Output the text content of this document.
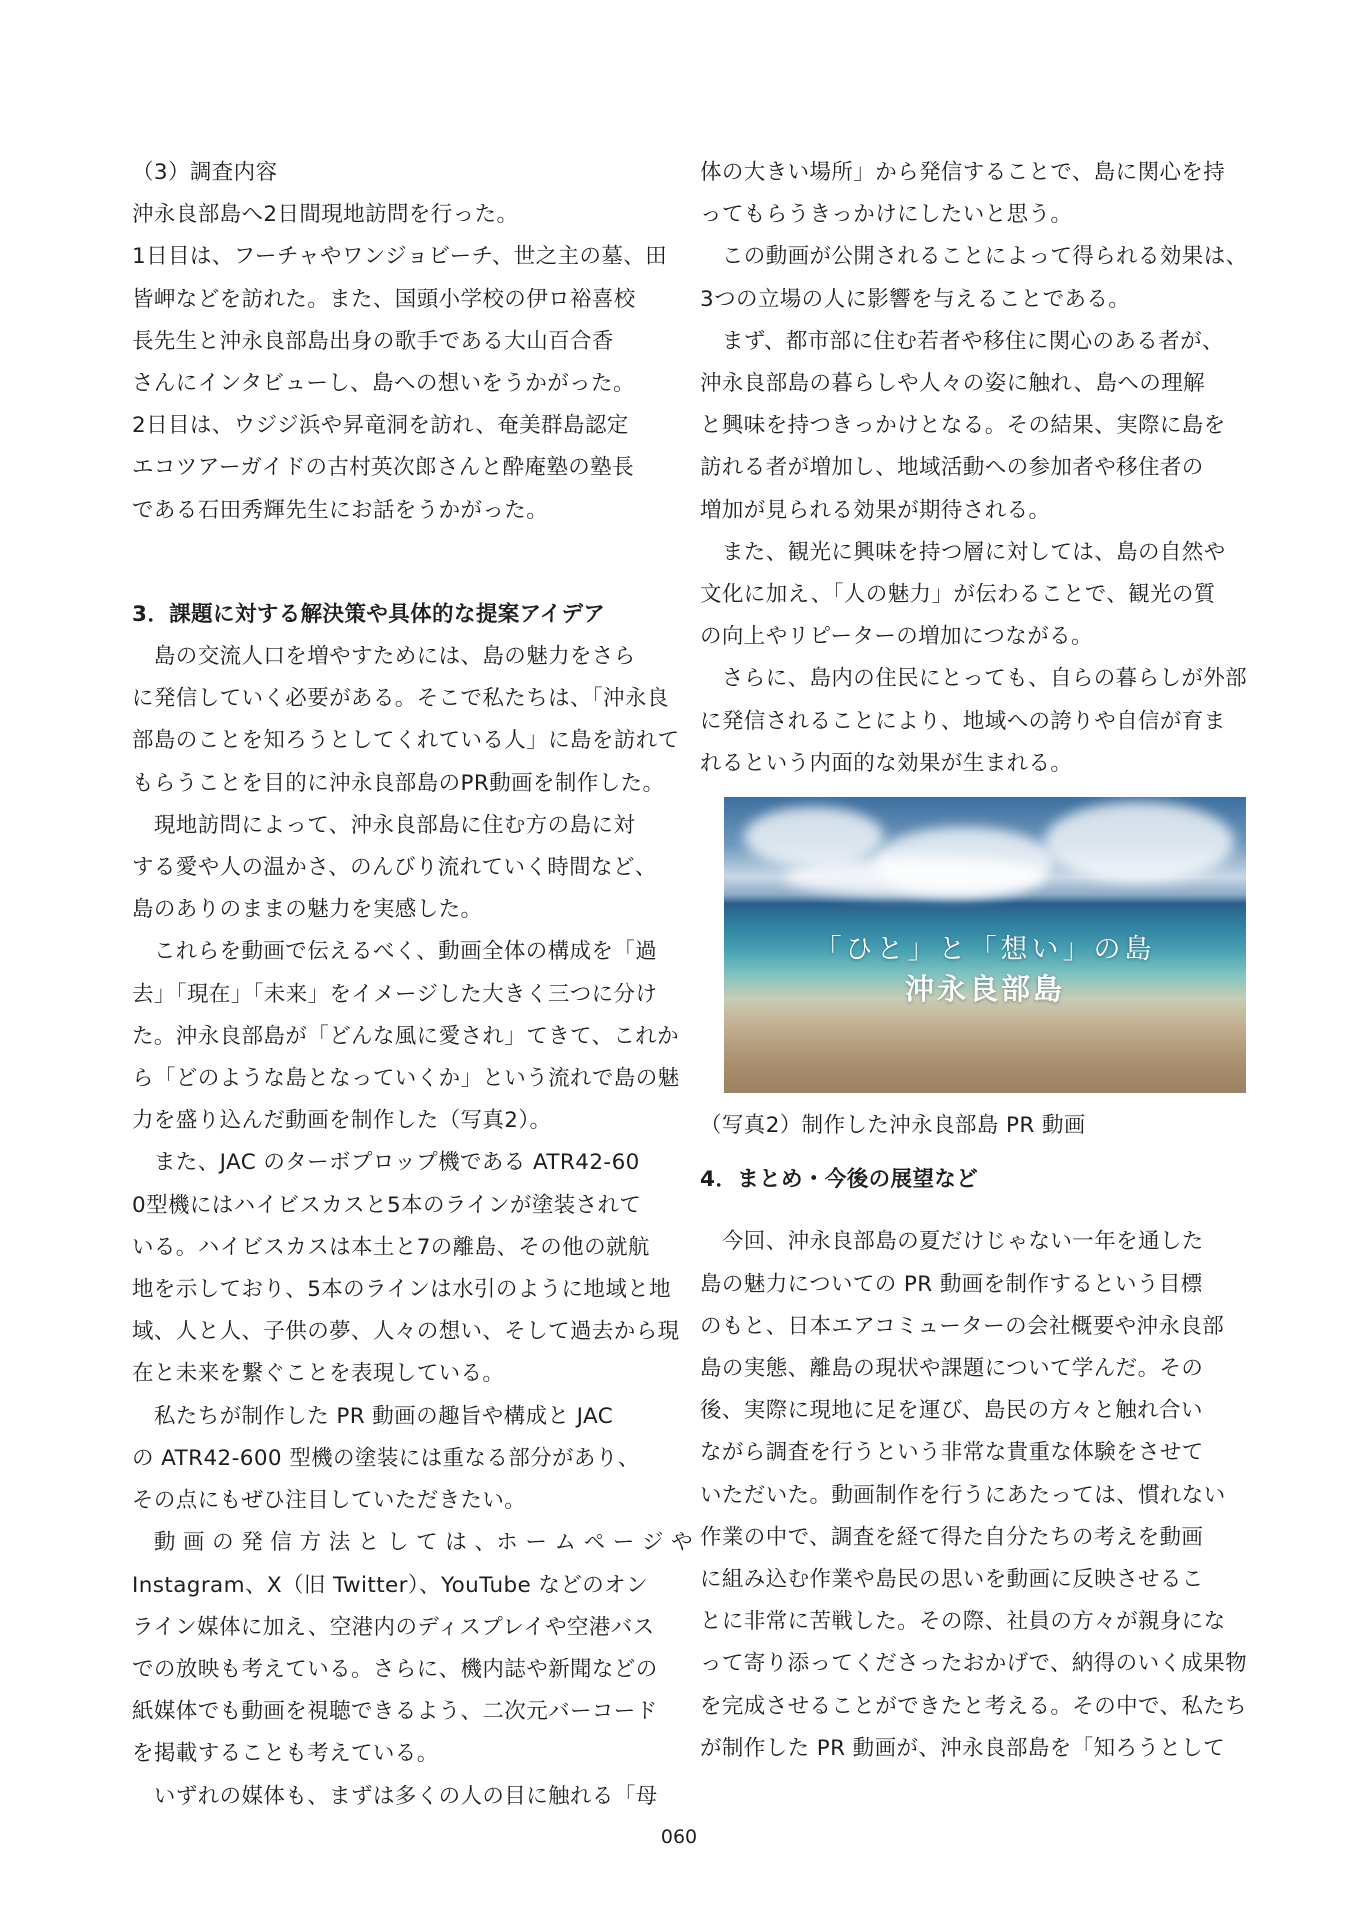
（3）調査内容

沖永良部島へ2日間現地訪問を行った。

1日目は、フーチャやワンジョビーチ、世之主の墓、田

皆岬などを訪れた。また、国頭小学校の伊ロ裕喜校

長先生と沖永良部島出身の歌手である大山百合香

さんにインタビューし、島への想いをうかがった。

2日目は、ウジジ浜や昇竜洞を訪れ、奄美群島認定

エコツアーガイドの古村英次郎さんと酔庵塾の塾長

である石田秀輝先生にお話をうかがった。

3．課題に対する解決策や具体的な提案アイデア

　島の交流人口を増やすためには、島の魅力をさら

に発信していく必要がある。そこで私たちは、「沖永良

部島のことを知ろうとしてくれている人」に島を訪れて

もらうことを目的に沖永良部島のPR動画を制作した。

　現地訪問によって、沖永良部島に住む方の島に対

する愛や人の温かさ、のんびり流れていく時間など、

島のありのままの魅力を実感した。

　これらを動画で伝えるべく、動画全体の構成を「過

去」「現在」「未来」をイメージした大きく三つに分け

た。沖永良部島が「どんな風に愛され」てきて、これか

ら「どのような島となっていくか」という流れで島の魅

力を盛り込んだ動画を制作した（写真2）。

　また、JAC のターボプロップ機である ATR42-60

0型機にはハイビスカスと5本のラインが塗装されて

いる。ハイビスカスは本土と7の離島、その他の就航

地を示しており、5本のラインは水引のように地域と地

域、人と人、子供の夢、人々の想い、そして過去から現

在と未来を繋ぐことを表現している。

　私たちが制作した PR 動画の趣旨や構成と JAC

の ATR42-600 型機の塗装には重なる部分があり、

その点にもぜひ注目していただきたい。

　動 画 の 発 信 方 法 と し て は 、ホ ー ム ペ ー ジ や

Instagram、X（旧 Twitter）、YouTube などのオン

ライン媒体に加え、空港内のディスプレイや空港バス

での放映も考えている。さらに、機内誌や新聞などの

紙媒体でも動画を視聴できるよう、二次元バーコード

を掲載することも考えている。

　いずれの媒体も、まずは多くの人の目に触れる「母

体の大きい場所」から発信することで、島に関心を持

ってもらうきっかけにしたいと思う。

　この動画が公開されることによって得られる効果は、

3つの立場の人に影響を与えることである。

　まず、都市部に住む若者や移住に関心のある者が、

沖永良部島の暮らしや人々の姿に触れ、島への理解

と興味を持つきっかけとなる。その結果、実際に島を

訪れる者が増加し、地域活動への参加者や移住者の

増加が見られる効果が期待される。

　また、観光に興味を持つ層に対しては、島の自然や

文化に加え、「人の魅力」が伝わることで、観光の質

の向上やリピーターの増加につながる。

　さらに、島内の住民にとっても、自らの暮らしが外部

に発信されることにより、地域への誇りや自信が育ま

れるという内面的な効果が生まれる。

「ひと」と「想い」の島
沖永良部島

（写真2）制作した沖永良部島 PR 動画

4．まとめ・今後の展望など

　今回、沖永良部島の夏だけじゃない一年を通した

島の魅力についての PR 動画を制作するという目標

のもと、日本エアコミューターの会社概要や沖永良部

島の実態、離島の現状や課題について学んだ。その

後、実際に現地に足を運び、島民の方々と触れ合い

ながら調査を行うという非常な貴重な体験をさせて

いただいた。動画制作を行うにあたっては、慣れない

作業の中で、調査を経て得た自分たちの考えを動画

に組み込む作業や島民の思いを動画に反映させるこ

とに非常に苦戦した。その際、社員の方々が親身にな

って寄り添ってくださったおかげで、納得のいく成果物

を完成させることができたと考える。その中で、私たち

が制作した PR 動画が、沖永良部島を「知ろうとして

060
